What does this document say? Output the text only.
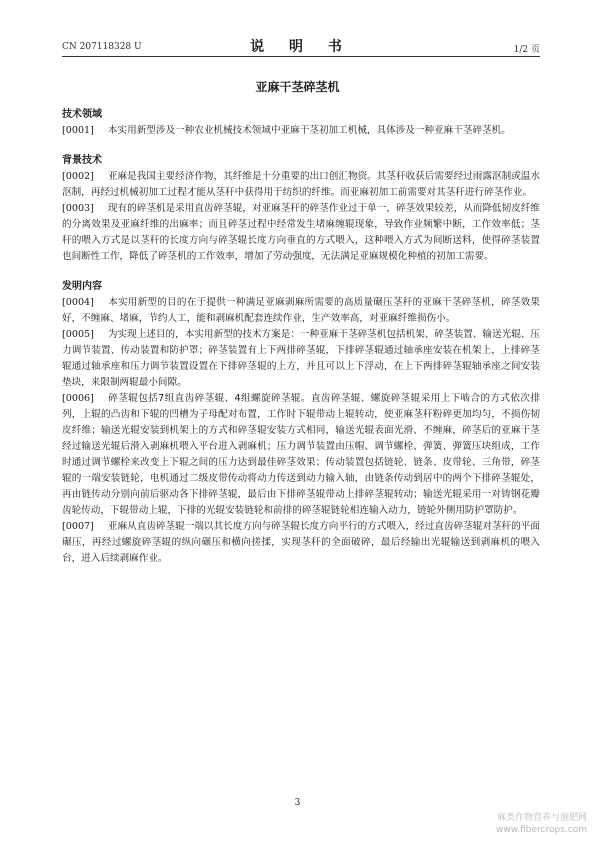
CN 207118328 U	说 明 书	1/2 页
亚麻干茎碎茎机
技术领域

[0001] 本实用新型涉及一种农业机械技术领域中亚麻干茎初加工机械，具体涉及一种亚麻干茎碎茎机。

背景技术

[0002] 亚麻是我国主要经济作物，其纤维是十分重要的出口创汇物资。其茎秆收获后需要经过雨露沤制或温水沤制，再经过机械初加工过程才能从茎秆中获得用于纺织的纤维。而亚麻初加工前需要对其茎秆进行碎茎作业。

[0003] 现有的碎茎机是采用直齿碎茎辊，对亚麻茎秆的碎茎作业过于单一，碎茎效果较差，从而降低韧皮纤维的分离效果及亚麻纤维的出麻率；而且碎茎过程中经常发生堵麻缠辊现象，导致作业频繁中断，工作效率低；茎秆的喂入方式是以茎秆的长度方向与碎茎辊长度方向垂直的方式喂入，这种喂入方式为间断送料，使得碎茎装置也间断性工作，降低了碎茎机的工作效率，增加了劳动强度，无法满足亚麻规模化种植的初加工需要。

发明内容

[0004] 本实用新型的目的在于提供一种满足亚麻剥麻所需要的高质量碾压茎秆的亚麻干茎碎茎机，碎茎效果好，不缠麻、堵麻，节约人工，能和剥麻机配套连续作业，生产效率高，对亚麻纤维损伤小。

[0005] 为实现上述目的，本实用新型的技术方案是：一种亚麻干茎碎茎机包括机架、碎茎装置、输送光辊、压力调节装置、传动装置和防护罩；碎茎装置有上下两排碎茎辊，下排碎茎辊通过轴承座安装在机架上，上排碎茎辊通过轴承座和压力调节装置设置在下排碎茎辊的上方，并且可以上下浮动，在上下两排碎茎辊轴承座之间安装垫块，来限制两辊最小间隙。

[0006] 碎茎辊包括7组直齿碎茎辊、4组螺旋碎茎辊。直齿碎茎辊、螺旋碎茎辊采用上下啮合的方式依次排列，上辊的凸齿和下辊的凹槽为子母配对布置，工作时下辊带动上辊转动，使亚麻茎秆粉碎更加均匀，不损伤韧皮纤维；输送光辊安装到机架上的方式和碎茎辊安装方式相同，输送光辊表面光滑、不缠麻，碎茎后的亚麻干茎经过输送光辊后滑入剥麻机喂入平台进入剥麻机；压力调节装置由压帽、调节螺栓、弹簧、弹簧压块组成，工作时通过调节螺栓来改变上下辊之间的压力达到最佳碎茎效果；传动装置包括链轮、链条、皮带轮、三角带，碎茎辊的一端安装链轮，电机通过二级皮带传动将动力传送到动力输入轴，由链条传动到居中的两个下排碎茎辊处，再由链传动分别向前后驱动各下排碎茎辊，最后由下排碎茎辊带动上排碎茎辊转动；输送光辊采用一对铸钢花瓣齿轮传动，下辊带动上辊，下排的光辊安装链轮和前排的碎茎辊链轮相连输入动力，链轮外侧用防护罩防护。

[0007] 亚麻从直齿碎茎辊一端以其长度方向与碎茎辊长度方向平行的方式喂入，经过直齿碎茎辊对茎秆的平面碾压，再经过螺旋碎茎辊的纵向碾压和横向搓揉，实现茎秆的全面破碎，最后经输出光辊输送到剥麻机的喂入台，进入后续剥麻作业。

3
麻类作物营养与施肥网
www.fibercrops.com
